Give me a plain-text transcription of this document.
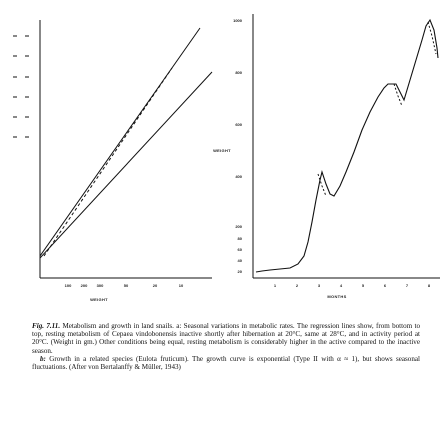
100 200 300	50	20	10
WEIGHT
WEIGHT
1000
800
600
400
200
80
60
40
20
1	2	3	4	5	6	7	8
MONTHS

Fig. 7.11. Metabolism and growth in land snails. a: Seasonal variations in metabolic rates. The regression lines show, from bottom to top, resting metabolism of Cepaea vindobonensis inactive shortly after hibernation at 20°C, same at 28°C, and in activity period at 20°C. (Weight in gm.) Other conditions being equal, resting metabolism is considerably higher in the active compared to the inactive season.

b: Growth in a related species (Eulota fruticum). The growth curve is exponential (Type II with α ≈ 1), but shows seasonal fluctuations. (After von Bertalanffy & Müller, 1943)
